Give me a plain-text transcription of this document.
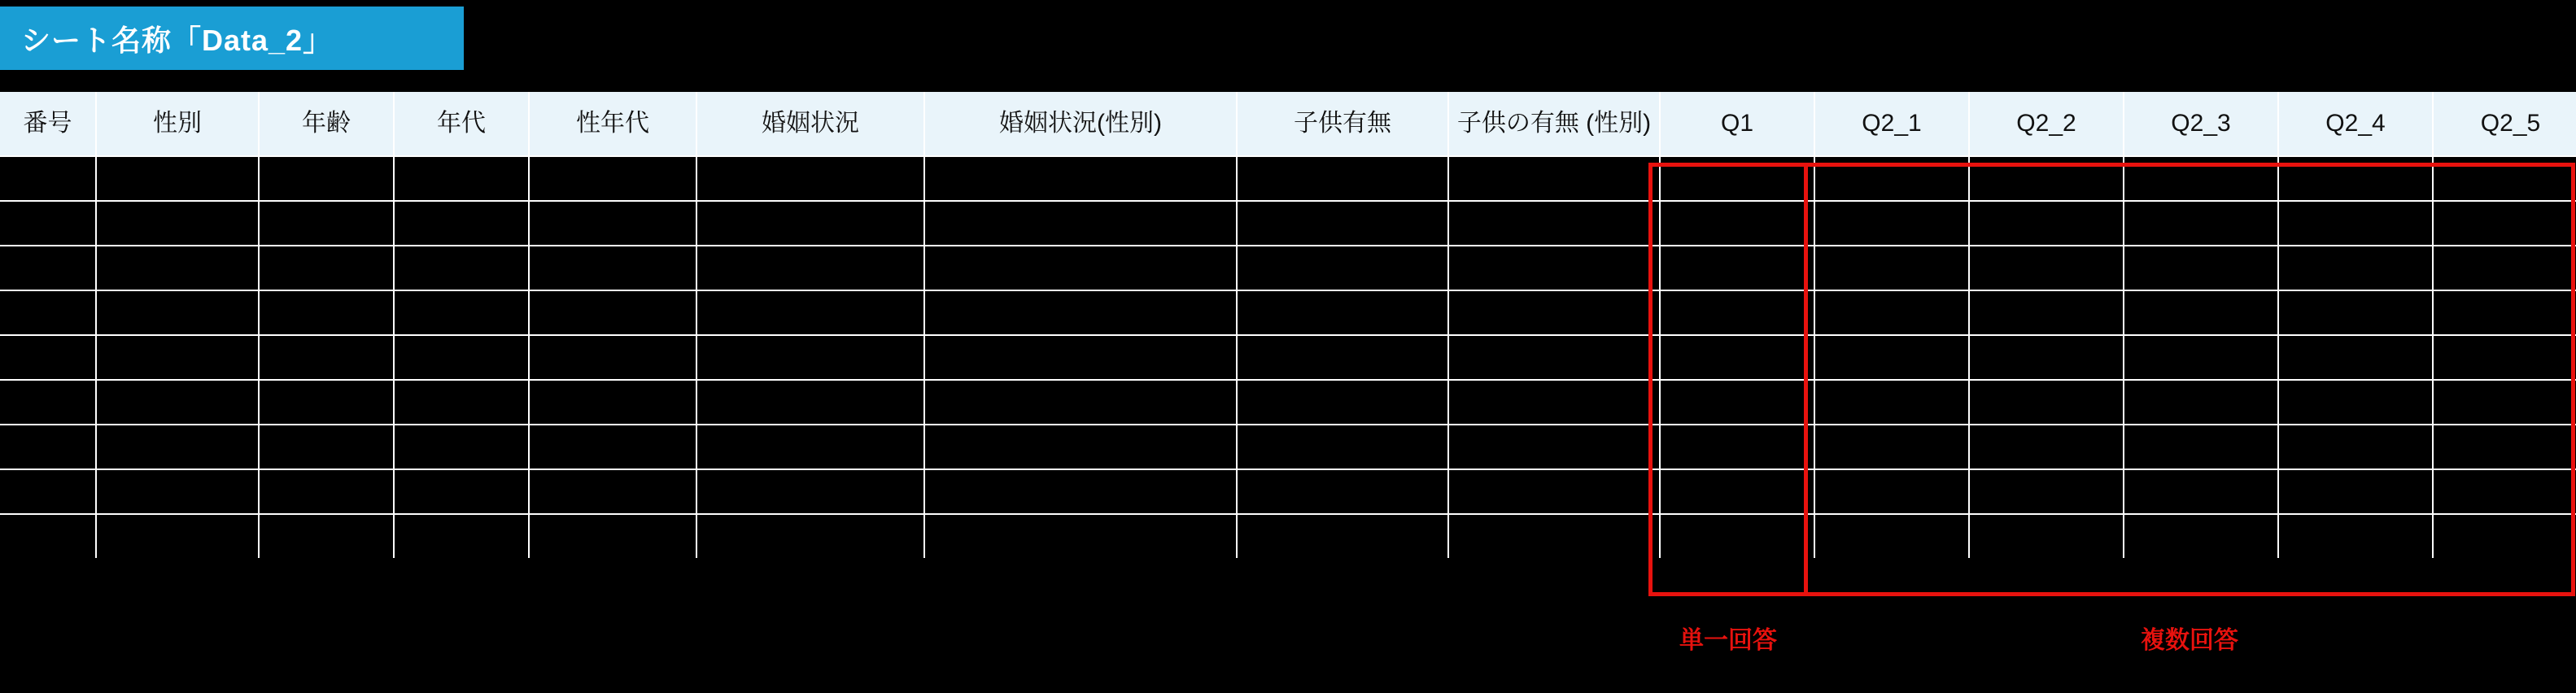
シート名称「Data_2」
番号	性別	年齢	年代	性年代	婚姻状況	婚姻状況(性別)	子供有無	子供の有無 (性別)	Q1	Q2_1	Q2_2	Q2_3	Q2_4	Q2_5

単一回答	複数回答
